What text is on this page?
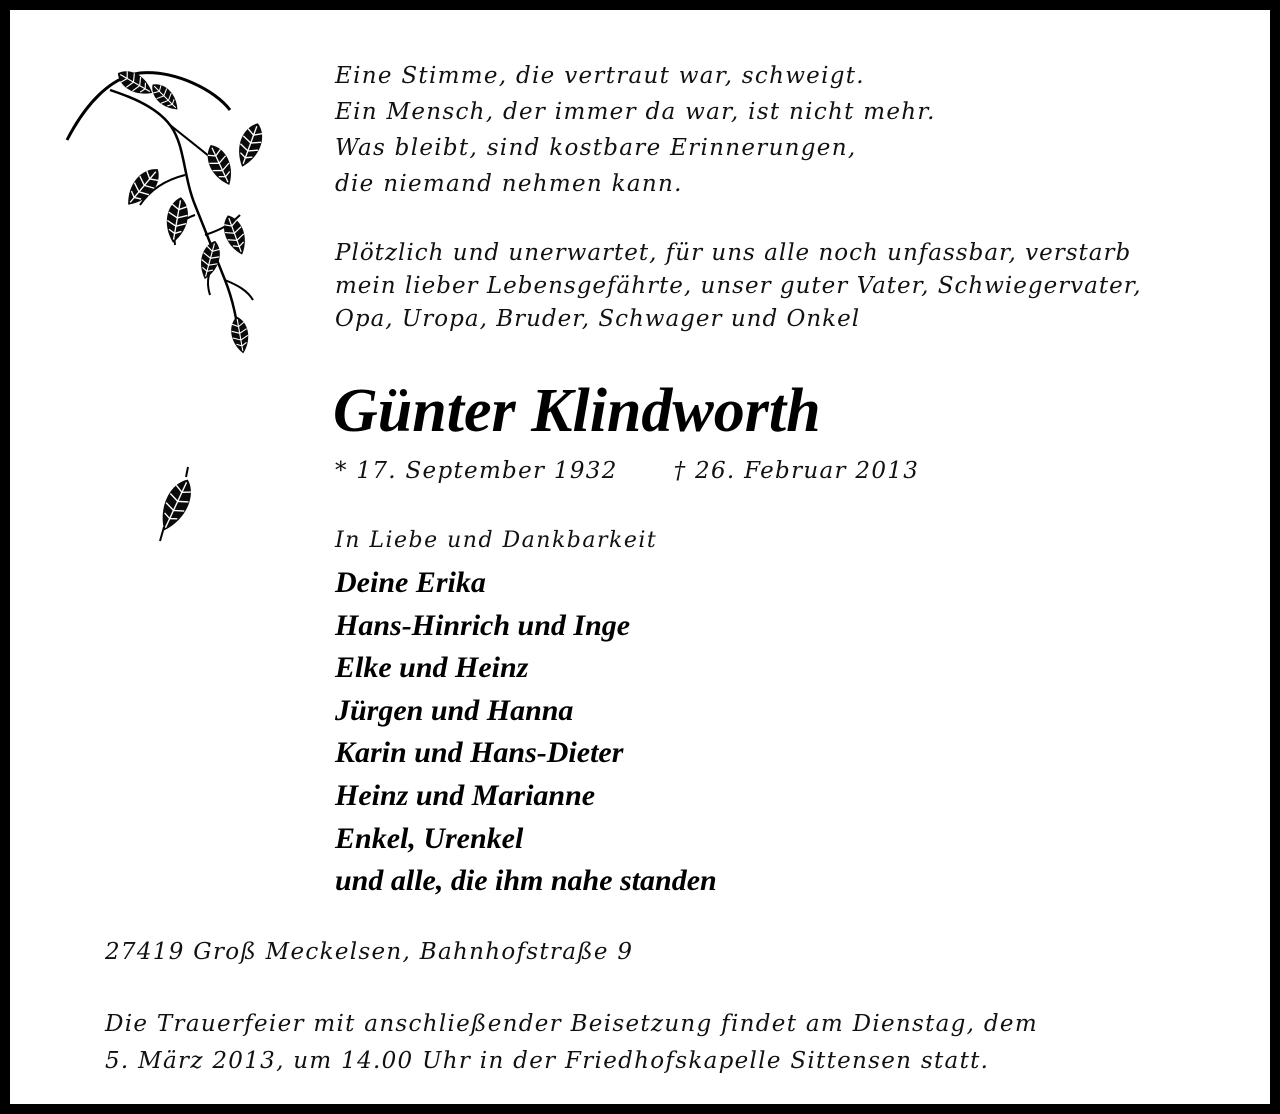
Eine Stimme, die vertraut war, schweigt.
Ein Mensch, der immer da war, ist nicht mehr.
Was bleibt, sind kostbare Erinnerungen,
die niemand nehmen kann.
Plötzlich und unerwartet, für uns alle noch unfassbar, verstarb
mein lieber Lebensgefährte, unser guter Vater, Schwiegervater,
Opa, Uropa, Bruder, Schwager und Onkel
Günter Klindworth
* 17. September 1932 † 26. Februar 2013
In Liebe und Dankbarkeit
Deine Erika
Hans-Hinrich und Inge
Elke und Heinz
Jürgen und Hanna
Karin und Hans-Dieter
Heinz und Marianne
Enkel, Urenkel
und alle, die ihm nahe standen
27419 Groß Meckelsen, Bahnhofstraße 9
Die Trauerfeier mit anschließender Beisetzung findet am Dienstag, dem
5. März 2013, um 14.00 Uhr in der Friedhofskapelle Sittensen statt.
